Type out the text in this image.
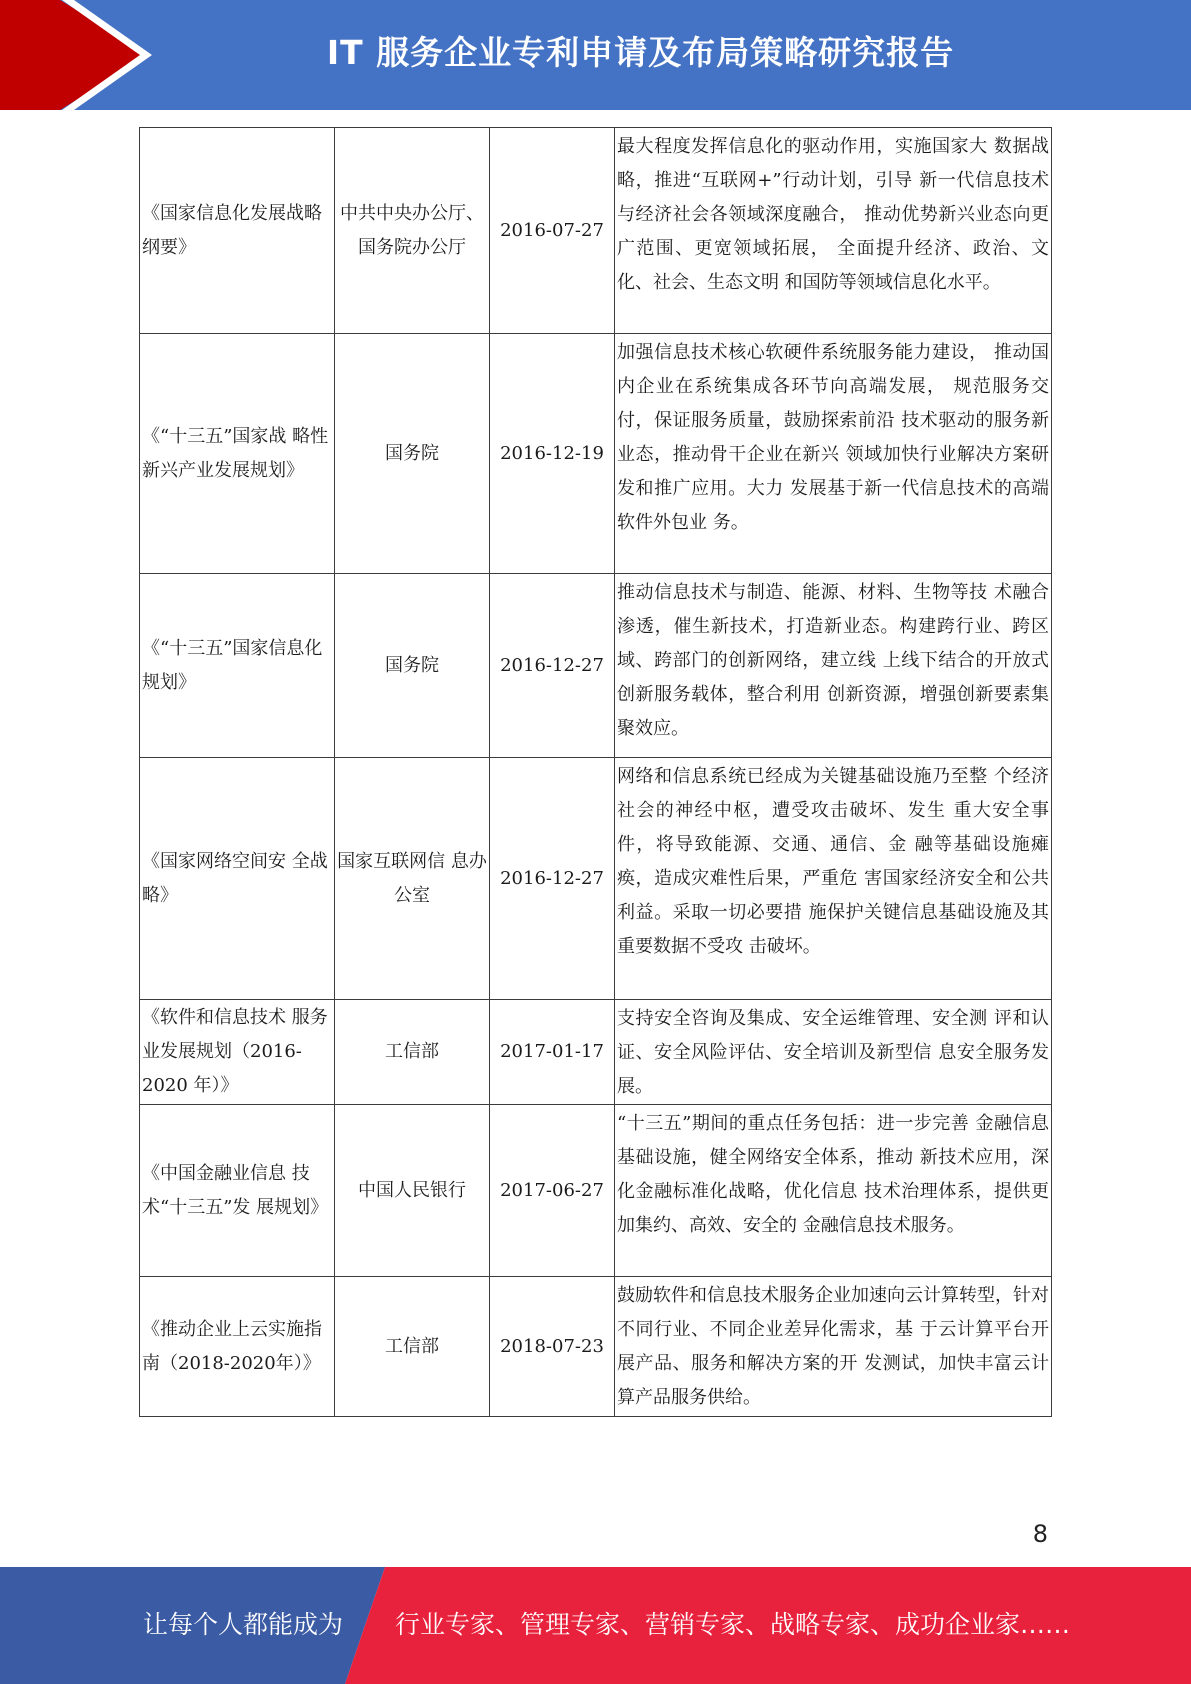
IT 服务企业专利申请及布局策略研究报告
《国家信息化发展战略纲要》	中共中央办公厅、国务院办公厅	2016-07-27	最大程度发挥信息化的驱动作用，实施国家大 数据战略，推进“互联网+”行动计划，引导 新一代信息技术与经济社会各领域深度融合， 推动优势新兴业态向更广范围、更宽领域拓展， 全面提升经济、政治、文化、社会、生态文明 和国防等领域信息化水平。
《“十三五”国家战 略性新兴产业发展规划》	国务院	2016-12-19	加强信息技术核心软硬件系统服务能力建设， 推动国内企业在系统集成各环节向高端发展， 规范服务交付，保证服务质量，鼓励探索前沿 技术驱动的服务新业态，推动骨干企业在新兴 领域加快行业解决方案研发和推广应用。大力 发展基于新一代信息技术的高端软件外包业 务。
《“十三五”国家信息化规划》	国务院	2016-12-27	推动信息技术与制造、能源、材料、生物等技 术融合渗透，催生新技术，打造新业态。构建跨行业、跨区域、跨部门的创新网络，建立线 上线下结合的开放式创新服务载体，整合利用 创新资源，增强创新要素集聚效应。
《国家网络空间安 全战略》	国家互联网信 息办公室	2016-12-27	网络和信息系统已经成为关键基础设施乃至整 个经济社会的神经中枢，遭受攻击破坏、发生 重大安全事件，将导致能源、交通、通信、金 融等基础设施瘫痪，造成灾难性后果，严重危 害国家经济安全和公共利益。采取一切必要措 施保护关键信息基础设施及其重要数据不受攻 击破坏。
《软件和信息技术 服务业发展规划（2016-2020 年）》	工信部	2017-01-17	支持安全咨询及集成、安全运维管理、安全测 评和认证、安全风险评估、安全培训及新型信 息安全服务发展。
《中国金融业信息 技术“十三五”发 展规划》	中国人民银行	2017-06-27	“十三五”期间的重点任务包括：进一步完善 金融信息基础设施，健全网络安全体系，推动 新技术应用，深化金融标准化战略，优化信息 技术治理体系，提供更加集约、高效、安全的 金融信息技术服务。
《推动企业上云实施指南（2018-2020年）》	工信部	2018-07-23	鼓励软件和信息技术服务企业加速向云计算转型，针对不同行业、不同企业差异化需求，基 于云计算平台开展产品、服务和解决方案的开 发测试，加快丰富云计算产品服务供给。
8
让每个人都能成为 行业专家、管理专家、营销专家、战略专家、成功企业家……
